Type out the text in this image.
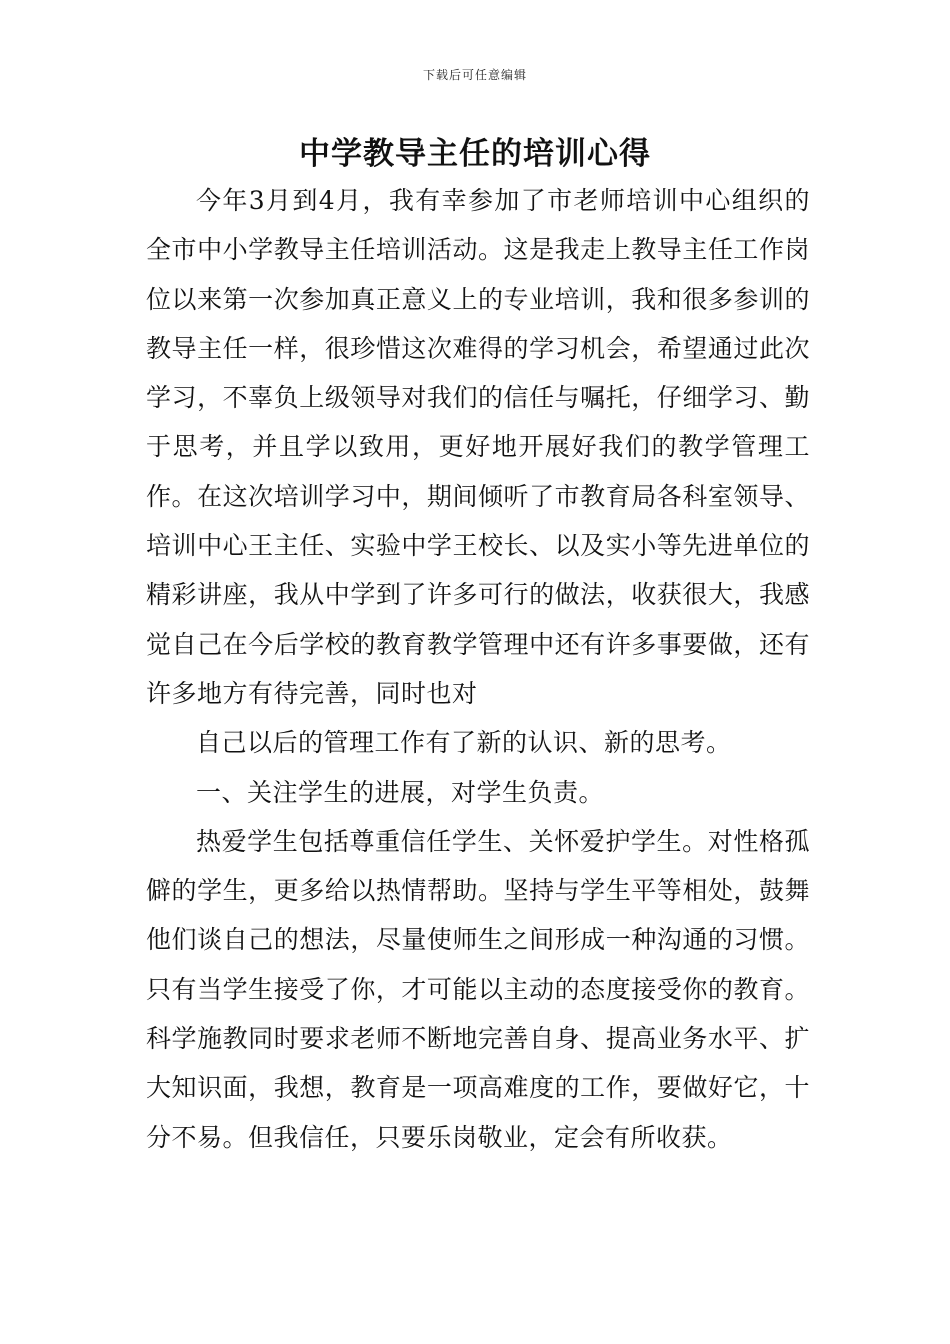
下载后可任意编辑
中学教导主任的培训心得

今年3月到4月，我有幸参加了市老师培训中心组织的全市中小学教导主任培训活动。这是我走上教导主任工作岗位以来第一次参加真正意义上的专业培训，我和很多参训的教导主任一样，很珍惜这次难得的学习机会，希望通过此次学习，不辜负上级领导对我们的信任与嘱托，仔细学习、勤于思考，并且学以致用，更好地开展好我们的教学管理工作。在这次培训学习中，期间倾听了市教育局各科室领导、培训中心王主任、实验中学王校长、以及实小等先进单位的精彩讲座，我从中学到了许多可行的做法，收获很大，我感觉自己在今后学校的教育教学管理中还有许多事要做，还有许多地方有待完善，同时也对

自己以后的管理工作有了新的认识、新的思考。

一、关注学生的进展，对学生负责。

热爱学生包括尊重信任学生、关怀爱护学生。对性格孤僻的学生，更多给以热情帮助。坚持与学生平等相处，鼓舞他们谈自己的想法，尽量使师生之间形成一种沟通的习惯。只有当学生接受了你，才可能以主动的态度接受你的教育。科学施教同时要求老师不断地完善自身、提高业务水平、扩大知识面，我想，教育是一项高难度的工作，要做好它，十分不易。但我信任，只要乐岗敬业，定会有所收获。
